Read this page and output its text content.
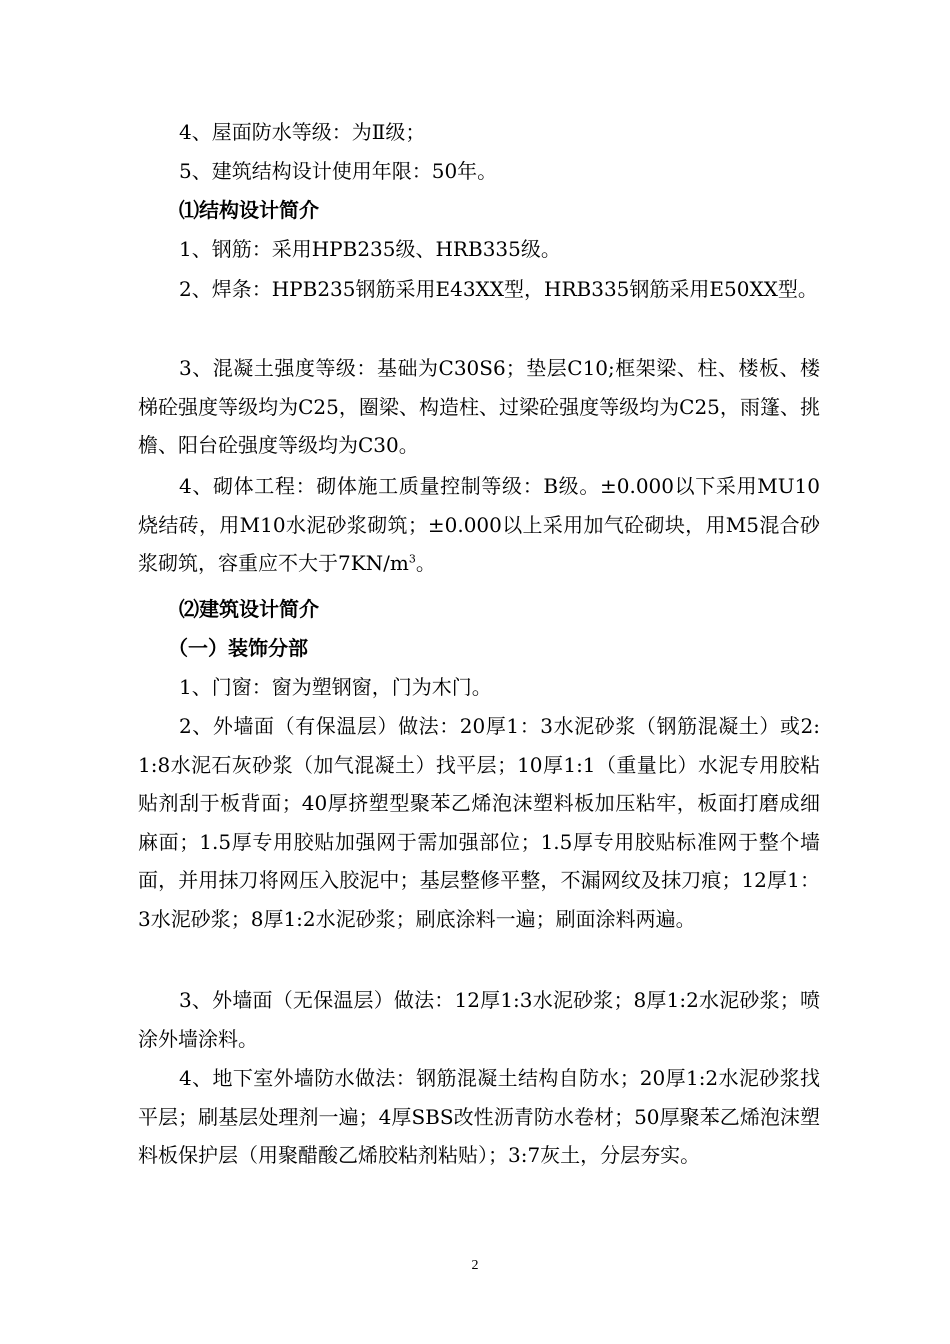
4、屋面防水等级：为Ⅱ级；

5、建筑结构设计使用年限：50年。

⑴结构设计简介

1、钢筋：采用HPB235级、HRB335级。

2、焊条：HPB235钢筋采用E43XX型，HRB335钢筋采用E50XX型。

3、混凝土强度等级：基础为C30S6；垫层C10;框架梁、柱、楼板、楼梯砼强度等级均为C25，圈梁、构造柱、过梁砼强度等级均为C25，雨篷、挑檐、阳台砼强度等级均为C30。

4、砌体工程：砌体施工质量控制等级：B级。±0.000以下采用MU10烧结砖，用M10水泥砂浆砌筑；±0.000以上采用加气砼砌块，用M5混合砂浆砌筑，容重应不大于$7KN/m^3$。

⑵建筑设计简介

（一）装饰分部

1、门窗：窗为塑钢窗，门为木门。

2、外墙面（有保温层）做法：20厚1：3水泥砂浆（钢筋混凝土）或2:1:8水泥石灰砂浆（加气混凝土）找平层；10厚1:1（重量比）水泥专用胶粘贴剂刮于板背面；40厚挤塑型聚苯乙烯泡沫塑料板加压粘牢，板面打磨成细麻面；1.5厚专用胶贴加强网于需加强部位；1.5厚专用胶贴标准网于整个墙面，并用抹刀将网压入胶泥中；基层整修平整，不漏网纹及抹刀痕；12厚1：3水泥砂浆；8厚1:2水泥砂浆；刷底涂料一遍；刷面涂料两遍。

3、外墙面（无保温层）做法：12厚1:3水泥砂浆；8厚1:2水泥砂浆；喷涂外墙涂料。

4、地下室外墙防水做法：钢筋混凝土结构自防水；20厚1:2水泥砂浆找平层；刷基层处理剂一遍；4厚SBS改性沥青防水卷材；50厚聚苯乙烯泡沫塑料板保护层（用聚醋酸乙烯胶粘剂粘贴）；3:7灰土，分层夯实。

2
